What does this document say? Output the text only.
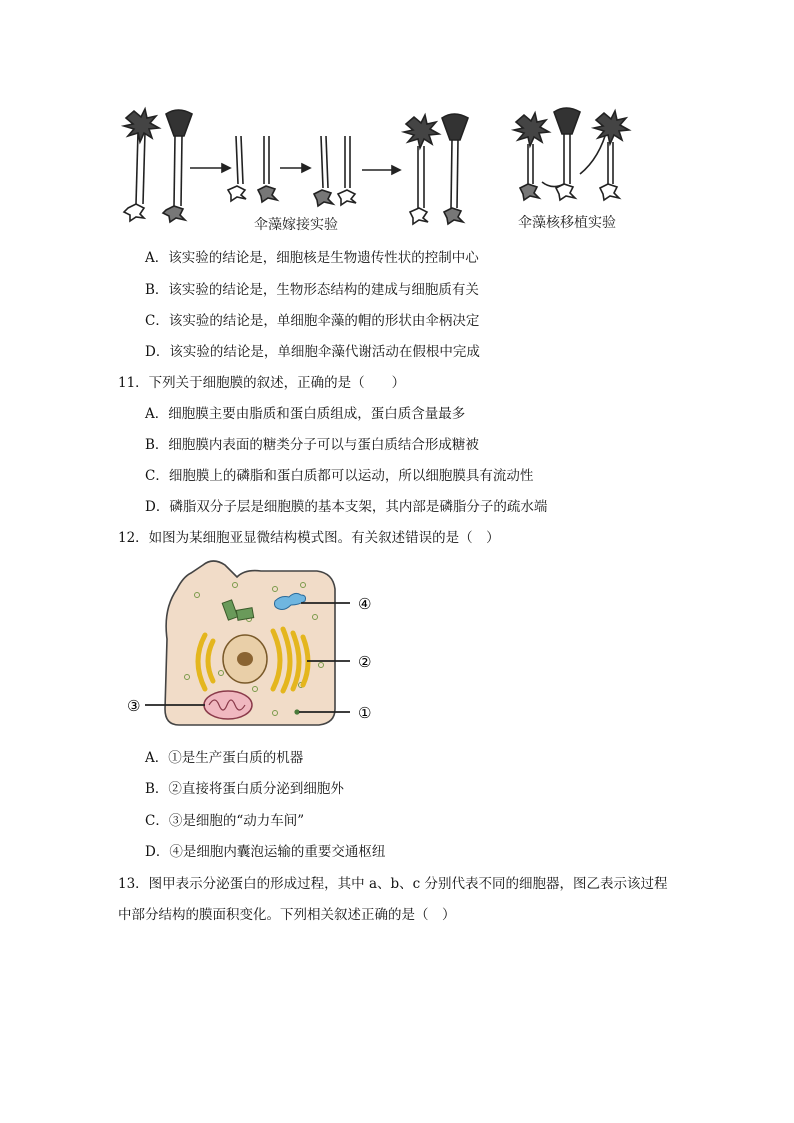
伞藻嫁接实验	伞藻核移植实验
A．该实验的结论是，细胞核是生物遗传性状的控制中心
B．该实验的结论是，生物形态结构的建成与细胞质有关
C．该实验的结论是，单细胞伞藻的帽的形状由伞柄决定
D．该实验的结论是，单细胞伞藻代谢活动在假根中完成
11．下列关于细胞膜的叙述，正确的是（　　）
A．细胞膜主要由脂质和蛋白质组成，蛋白质含量最多
B．细胞膜内表面的糖类分子可以与蛋白质结合形成糖被
C．细胞膜上的磷脂和蛋白质都可以运动，所以细胞膜具有流动性
D．磷脂双分子层是细胞膜的基本支架，其内部是磷脂分子的疏水端
12．如图为某细胞亚显微结构模式图。有关叙述错误的是（　）
④
②
③	①
A．①是生产蛋白质的机器
B．②直接将蛋白质分泌到细胞外
C．③是细胞的“动力车间”
D．④是细胞内囊泡运输的重要交通枢纽
13．图甲表示分泌蛋白的形成过程，其中 a、b、c 分别代表不同的细胞器，图乙表示该过程
中部分结构的膜面积变化。下列相关叙述正确的是（　）
